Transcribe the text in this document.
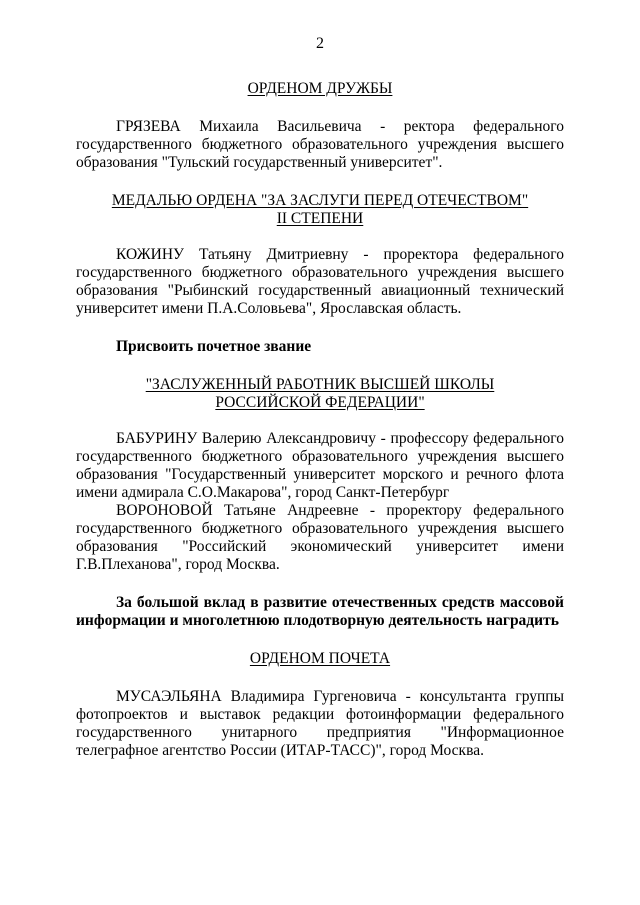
2

ОРДЕНОМ ДРУЖБЫ

ГРЯЗЕВА Михаила Васильевича - ректора федерального государственного бюджетного образовательного учреждения высшего образования "Тульский государственный университет".

МЕДАЛЬЮ ОРДЕНА "ЗА ЗАСЛУГИ ПЕРЕД ОТЕЧЕСТВОМ"

II СТЕПЕНИ

КОЖИНУ Татьяну Дмитриевну - проректора федерального государственного бюджетного образовательного учреждения высшего образования "Рыбинский государственный авиационный технический университет имени П.А.Соловьева", Ярославская область.

Присвоить почетное звание

"ЗАСЛУЖЕННЫЙ РАБОТНИК ВЫСШЕЙ ШКОЛЫ

РОССИЙСКОЙ ФЕДЕРАЦИИ"

БАБУРИНУ Валерию Александровичу - профессору федерального государственного бюджетного образовательного учреждения высшего образования "Государственный университет морского и речного флота имени адмирала С.О.Макарова", город Санкт-Петербург

ВОРОНОВОЙ Татьяне Андреевне - проректору федерального государственного бюджетного образовательного учреждения высшего образования "Российский экономический университет имени Г.В.Плеханова", город Москва.

За большой вклад в развитие отечественных средств массовой информации и многолетнюю плодотворную деятельность наградить

ОРДЕНОМ ПОЧЕТА

МУСАЭЛЬЯНА Владимира Гургеновича - консультанта группы фотопроектов и выставок редакции фотоинформации федерального государственного унитарного предприятия "Информационное телеграфное агентство России (ИТАР-ТАСС)", город Москва.
